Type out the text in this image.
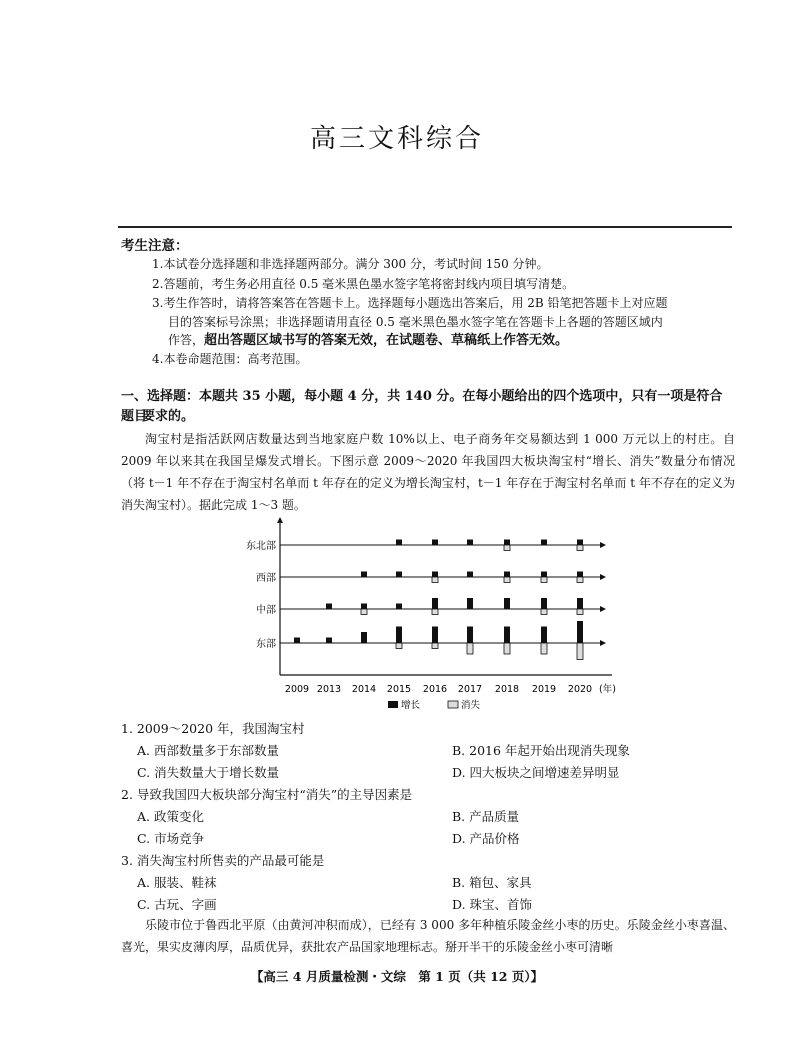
高三文科综合
考生注意：
1.本试卷分选择题和非选择题两部分。满分 300 分，考试时间 150 分钟。
2.答题前，考生务必用直径 0.5 毫米黑色墨水签字笔将密封线内项目填写清楚。
3.考生作答时，请将答案答在答题卡上。选择题每小题选出答案后，用 2B 铅笔把答题卡上对应题
目的答案标号涂黑；非选择题请用直径 0.5 毫米黑色墨水签字笔在答题卡上各题的答题区域内
作答，超出答题区域书写的答案无效，在试题卷、草稿纸上作答无效。
4.本卷命题范围：高考范围。
一、选择题：本题共 35 小题，每小题 4 分，共 140 分。在每小题给出的四个选项中，只有一项是符合题目
要求的。
淘宝村是指活跃网店数量达到当地家庭户数 10%以上、电子商务年交易额达到 1 000 万元以上的村庄。自 2009 年以来其在我国呈爆发式增长。下图示意 2009～2020 年我国四大板块淘宝村“增长、消失”数量分布情况（将 t－1 年不存在于淘宝村名单而 t 年存在的定义为增长淘宝村，t－1 年存在于淘宝村名单而 t 年不存在的定义为消失淘宝村）。据此完成 1～3 题。
东北部
西部
中部
东部
2009 2013 2014 2015 2016 2017 2018 2019 2020 (年)
增长	消失
1. 2009～2020 年，我国淘宝村
A. 西部数量多于东部数量	B. 2016 年起开始出现消失现象
C. 消失数量大于增长数量	D. 四大板块之间增速差异明显
2. 导致我国四大板块部分淘宝村“消失”的主导因素是
A. 政策变化	B. 产品质量
C. 市场竞争	D. 产品价格
3. 消失淘宝村所售卖的产品最可能是
A. 服装、鞋袜	B. 箱包、家具
C. 古玩、字画	D. 珠宝、首饰
乐陵市位于鲁西北平原（由黄河冲积而成），已经有 3 000 多年种植乐陵金丝小枣的历史。乐陵金丝小枣喜温、喜光，果实皮薄肉厚，品质优异，获批农产品国家地理标志。掰开半干的乐陵金丝小枣可清晰
【高三 4 月质量检测・文综　第 1 页（共 12 页）】
